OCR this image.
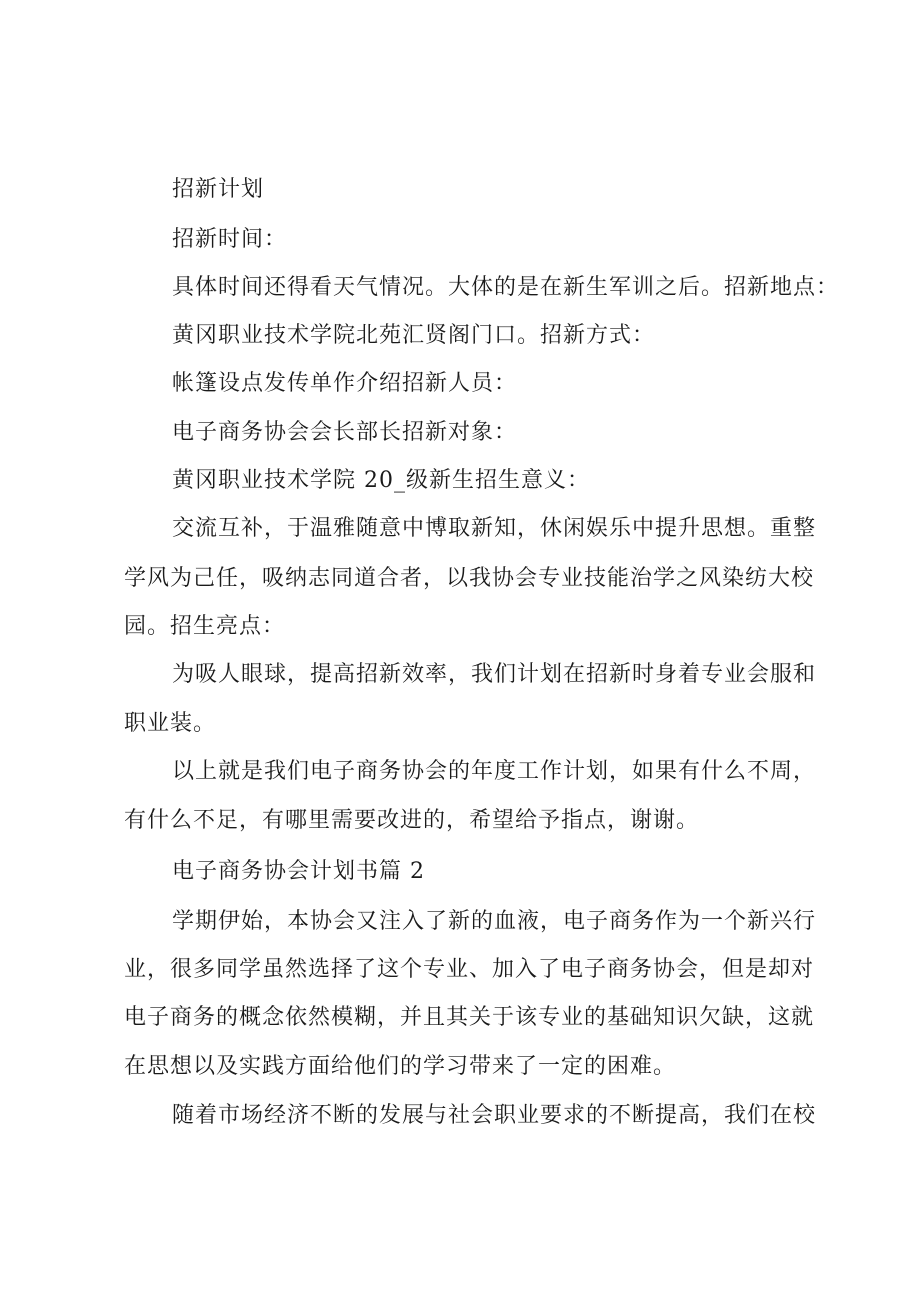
招新计划
招新时间：
具体时间还得看天气情况。大体的是在新生军训之后。招新地点：
黄冈职业技术学院北苑汇贤阁门口。招新方式：
帐篷设点发传单作介绍招新人员：
电子商务协会会长部长招新对象：
黄冈职业技术学院 20_级新生招生意义：
交流互补，于温雅随意中博取新知，休闲娱乐中提升思想。重整
学风为己任，吸纳志同道合者，以我协会专业技能治学之风染纺大校
园。招生亮点：
为吸人眼球，提高招新效率，我们计划在招新时身着专业会服和
职业装。
以上就是我们电子商务协会的年度工作计划，如果有什么不周，
有什么不足，有哪里需要改进的，希望给予指点，谢谢。
电子商务协会计划书篇 2
学期伊始，本协会又注入了新的血液，电子商务作为一个新兴行
业，很多同学虽然选择了这个专业、加入了电子商务协会，但是却对
电子商务的概念依然模糊，并且其关于该专业的基础知识欠缺，这就
在思想以及实践方面给他们的学习带来了一定的困难。
随着市场经济不断的发展与社会职业要求的不断提高，我们在校
